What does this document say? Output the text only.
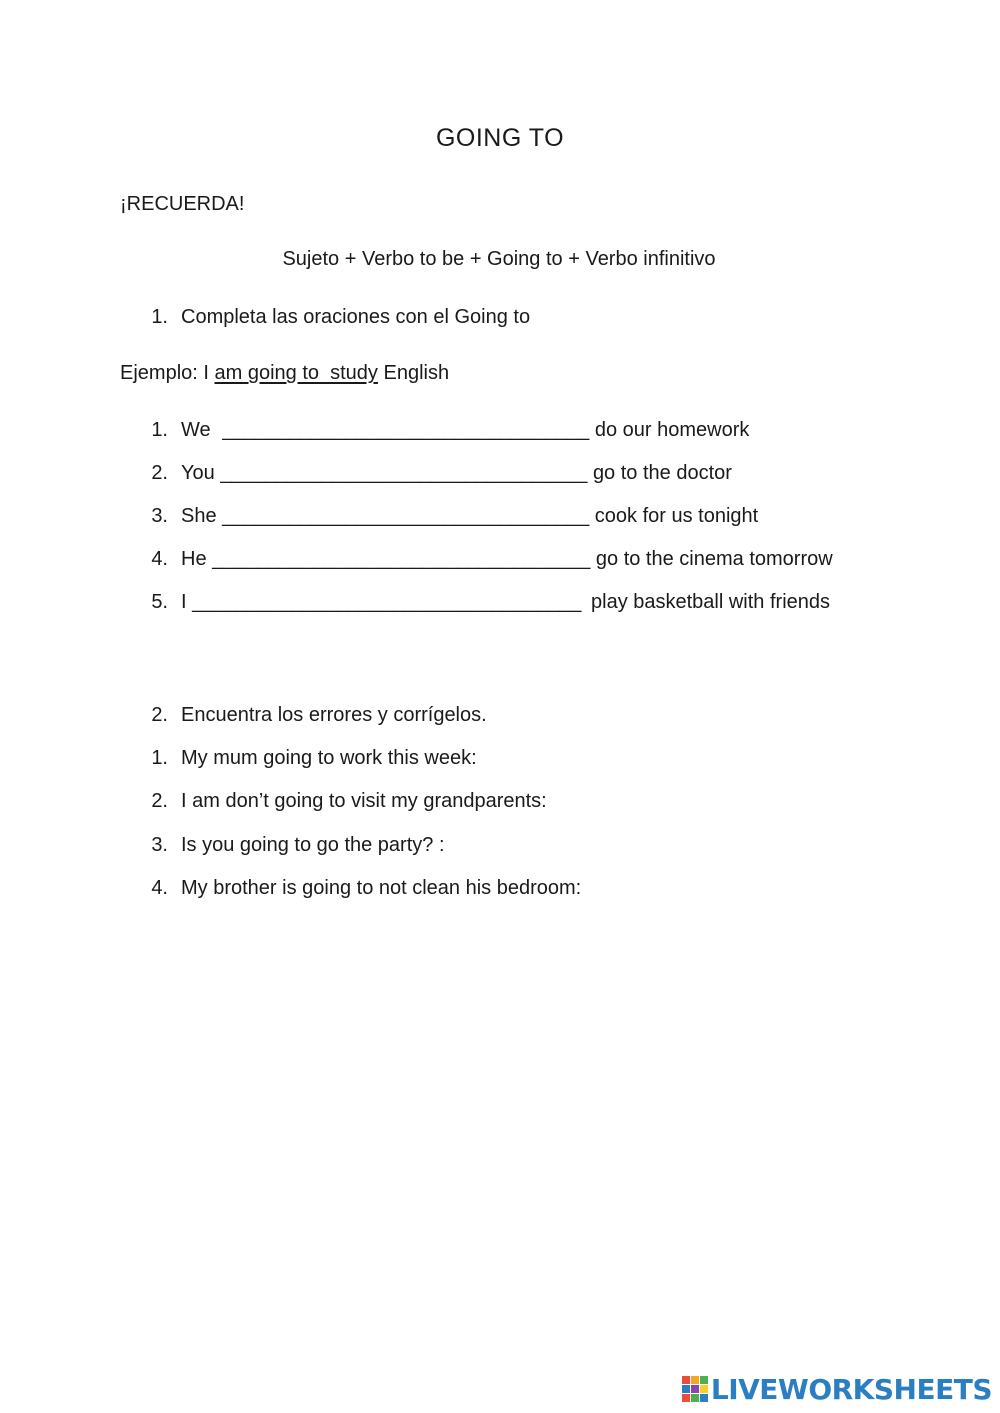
GOING TO
¡RECUERDA!
Sujeto + Verbo to be + Going to + Verbo infinitivo
1. Completa las oraciones con el Going to
Ejemplo: I am going to  study English
1. We _________________________________ do our homework
2. You _________________________________ go to the doctor
3. She _________________________________ cook for us tonight
4. He __________________________________ go to the cinema tomorrow
5. I ___________________________________ play basketball with friends
2. Encuentra los errores y corrígelos.
1. My mum going to work this week:
2. I am don’t going to visit my grandparents:
3. Is you going to go the party? :
4. My brother is going to not clean his bedroom:
LIVEWORKSHEETS
